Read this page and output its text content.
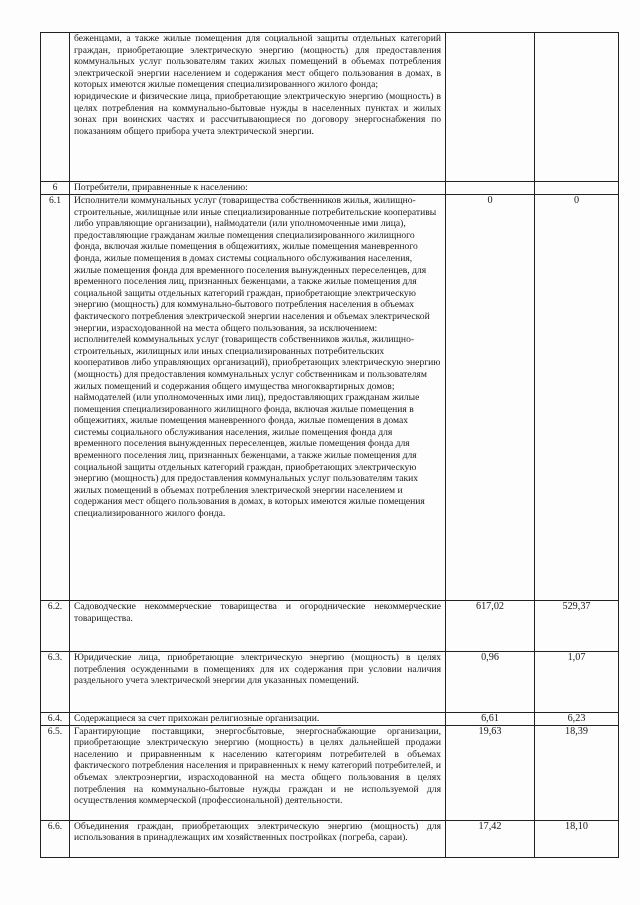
	беженцами, а также жилые помещения для социальной защиты отдельных категорий граждан, приобретающие электрическую энергию (мощность) для предоставления коммунальных услуг пользователям таких жилых помещений в объемах потребления электрической энергии населением и содержания мест общего пользования в домах, в которых имеются жилые помещения специализированного жилого фонда;
юридические и физические лица, приобретающие электрическую энергию (мощность) в целях потребления на коммунально-бытовые нужды в населенных пунктах и жилых зонах при воинских частях и рассчитывающиеся по договору энергоснабжения по показаниям общего прибора учета электрической энергии.		

6	Потребители, приравненные к населению:		

6.1	Исполнители коммунальных услуг (товарищества собственников жилья, жилищно-строительные, жилищные или иные специализированные потребительские кооперативы либо управляющие организации), наймодатели (или уполномоченные ими лица), предоставляющие гражданам жилые помещения специализированного жилищного фонда, включая жилые помещения в общежитиях, жилые помещения маневренного фонда, жилые помещения в домах системы социального обслуживания населения, жилые помещения фонда для временного поселения вынужденных переселенцев, для временного поселения лиц, признанных беженцами, а также жилые помещения для социальной защиты отдельных категорий граждан, приобретающие электрическую энергию (мощность) для коммунально-бытового потребления населения в объемах фактического потребления электрической энергии населения и объемах электрической энергии, израсходованной на места общего пользования, за исключением:
исполнителей коммунальных услуг (товариществ собственников жилья, жилищно-строительных, жилищных или иных специализированных потребительских кооперативов либо управляющих организаций), приобретающих электрическую энергию (мощность) для предоставления коммунальных услуг собственникам и пользователям жилых помещений и содержания общего имущества многоквартирных домов;
наймодателей (или уполномоченных ими лиц), предоставляющих гражданам жилые помещения специализированного жилищного фонда, включая жилые помещения в общежитиях, жилые помещения маневренного фонда, жилые помещения в домах системы социального обслуживания населения, жилые помещения фонда для временного поселения вынужденных переселенцев, жилые помещения фонда для временного поселения лиц, признанных беженцами, а также жилые помещения для социальной защиты отдельных категорий граждан, приобретающих электрическую энергию (мощность) для предоставления коммунальных услуг пользователям таких жилых помещений в объемах потребления электрической энергии населением и содержания мест общего пользования в домах, в которых имеются жилые помещения специализированного жилого фонда.	0	0
6.2.	Садоводческие некоммерческие товарищества и огороднические некоммерческие товарищества.	617,02	529,37
6.3.	Юридические лица, приобретающие электрическую энергию (мощность) в целях потребления осужденными в помещениях для их содержания при условии наличия раздельного учета электрической энергии для указанных помещений.	0,96	1,07
6.4.	Содержащиеся за счет прихожан религиозные организации.	6,61	6,23
6.5.	Гарантирующие поставщики, энергосбытовые, энергоснабжающие организации, приобретающие электрическую энергию (мощность) в целях дальнейшей продажи населению и приравненным к населению категориям потребителей в объемах фактического потребления населения и приравненных к нему категорий потребителей, и объемах электроэнергии, израсходованной на места общего пользования в целях потребления на коммунально-бытовые нужды граждан и не используемой для осуществления коммерческой (профессиональной) деятельности.	19,63	18,39
6.6.	Объединения граждан, приобретающих электрическую энергию (мощность) для использования в принадлежащих им хозяйственных постройках (погреба, сараи).	17,42	18,10
